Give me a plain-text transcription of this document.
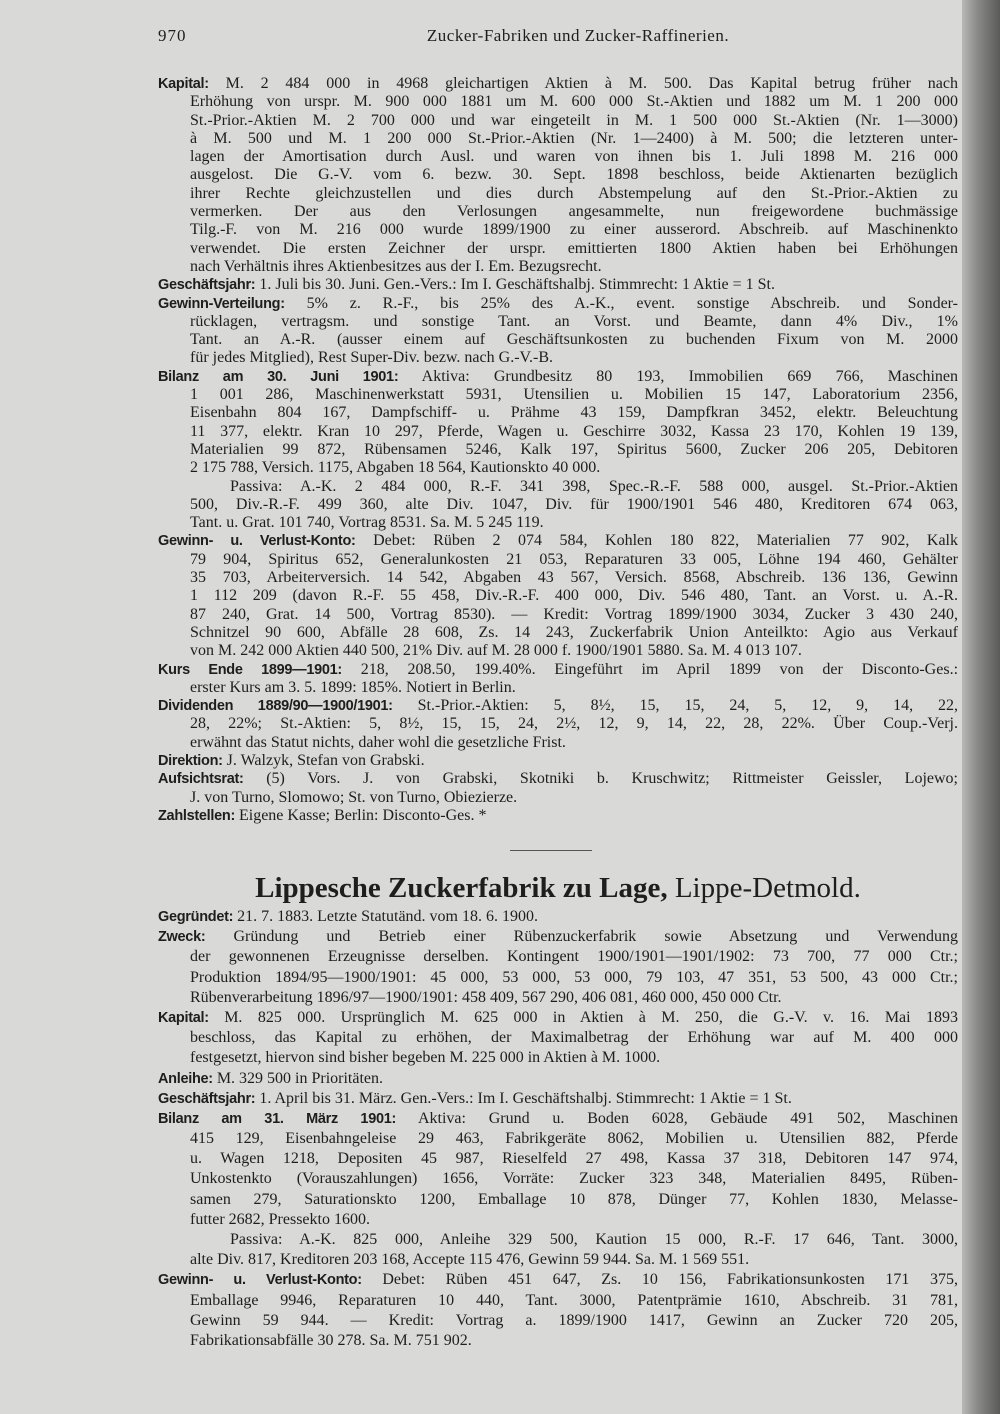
970	Zucker-Fabriken und Zucker-Raffinerien.
Kapital: M. 2 484 000 in 4968 gleichartigen Aktien à M. 500. Das Kapital betrug früher nach
Erhöhung von urspr. M. 900 000 1881 um M. 600 000 St.-Aktien und 1882 um M. 1 200 000
St.-Prior.-Aktien M. 2 700 000 und war eingeteilt in M. 1 500 000 St.-Aktien (Nr. 1—3000)
à M. 500 und M. 1 200 000 St.-Prior.-Aktien (Nr. 1—2400) à M. 500; die letzteren unter-
lagen der Amortisation durch Ausl. und waren von ihnen bis 1. Juli 1898 M. 216 000
ausgelost. Die G.-V. vom 6. bezw. 30. Sept. 1898 beschloss, beide Aktienarten bezüglich
ihrer Rechte gleichzustellen und dies durch Abstempelung auf den St.-Prior.-Aktien zu
vermerken. Der aus den Verlosungen angesammelte, nun freigewordene buchmässige
Tilg.-F. von M. 216 000 wurde 1899/1900 zu einer ausserord. Abschreib. auf Maschinenkto
verwendet. Die ersten Zeichner der urspr. emittierten 1800 Aktien haben bei Erhöhungen
nach Verhältnis ihres Aktienbesitzes aus der I. Em. Bezugsrecht.
Geschäftsjahr: 1. Juli bis 30. Juni. Gen.-Vers.: Im I. Geschäftshalbj. Stimmrecht: 1 Aktie = 1 St.
Gewinn-Verteilung: 5% z. R.-F., bis 25% des A.-K., event. sonstige Abschreib. und Sonder-
rücklagen, vertragsm. und sonstige Tant. an Vorst. und Beamte, dann 4% Div., 1%
Tant. an A.-R. (ausser einem auf Geschäftsunkosten zu buchenden Fixum von M. 2000
für jedes Mitglied), Rest Super-Div. bezw. nach G.-V.-B.
Bilanz am 30. Juni 1901: Aktiva: Grundbesitz 80 193, Immobilien 669 766, Maschinen
1 001 286, Maschinenwerkstatt 5931, Utensilien u. Mobilien 15 147, Laboratorium 2356,
Eisenbahn 804 167, Dampfschiff- u. Prähme 43 159, Dampfkran 3452, elektr. Beleuchtung
11 377, elektr. Kran 10 297, Pferde, Wagen u. Geschirre 3032, Kassa 23 170, Kohlen 19 139,
Materialien 99 872, Rübensamen 5246, Kalk 197, Spiritus 5600, Zucker 206 205, Debitoren
2 175 788, Versich. 1175, Abgaben 18 564, Kautionskto 40 000.
Passiva: A.-K. 2 484 000, R.-F. 341 398, Spec.-R.-F. 588 000, ausgel. St.-Prior.-Aktien
500, Div.-R.-F. 499 360, alte Div. 1047, Div. für 1900/1901 546 480, Kreditoren 674 063,
Tant. u. Grat. 101 740, Vortrag 8531. Sa. M. 5 245 119.
Gewinn- u. Verlust-Konto: Debet: Rüben 2 074 584, Kohlen 180 822, Materialien 77 902, Kalk
79 904, Spiritus 652, Generalunkosten 21 053, Reparaturen 33 005, Löhne 194 460, Gehälter
35 703, Arbeiterversich. 14 542, Abgaben 43 567, Versich. 8568, Abschreib. 136 136, Gewinn
1 112 209 (davon R.-F. 55 458, Div.-R.-F. 400 000, Div. 546 480, Tant. an Vorst. u. A.-R.
87 240, Grat. 14 500, Vortrag 8530). — Kredit: Vortrag 1899/1900 3034, Zucker 3 430 240,
Schnitzel 90 600, Abfälle 28 608, Zs. 14 243, Zuckerfabrik Union Anteilkto: Agio aus Verkauf
von M. 242 000 Aktien 440 500, 21% Div. auf M. 28 000 f. 1900/1901 5880. Sa. M. 4 013 107.
Kurs Ende 1899—1901: 218, 208.50, 199.40%. Eingeführt im April 1899 von der Disconto-Ges.:
erster Kurs am 3. 5. 1899: 185%. Notiert in Berlin.
Dividenden 1889/90—1900/1901: St.-Prior.-Aktien: 5, 8½, 15, 15, 24, 5, 12, 9, 14, 22,
28, 22%; St.-Aktien: 5, 8½, 15, 15, 24, 2½, 12, 9, 14, 22, 28, 22%. Über Coup.-Verj.
erwähnt das Statut nichts, daher wohl die gesetzliche Frist.
Direktion: J. Walzyk, Stefan von Grabski.
Aufsichtsrat: (5) Vors. J. von Grabski, Skotniki b. Kruschwitz; Rittmeister Geissler, Lojewo;
J. von Turno, Slomowo; St. von Turno, Obiezierze.
Zahlstellen: Eigene Kasse; Berlin: Disconto-Ges. *
Lippesche Zuckerfabrik zu Lage, Lippe-Detmold.
Gegründet: 21. 7. 1883. Letzte Statutänd. vom 18. 6. 1900.
Zweck: Gründung und Betrieb einer Rübenzuckerfabrik sowie Absetzung und Verwendung
der gewonnenen Erzeugnisse derselben. Kontingent 1900/1901—1901/1902: 73 700, 77 000 Ctr.;
Produktion 1894/95—1900/1901: 45 000, 53 000, 53 000, 79 103, 47 351, 53 500, 43 000 Ctr.;
Rübenverarbeitung 1896/97—1900/1901: 458 409, 567 290, 406 081, 460 000, 450 000 Ctr.
Kapital: M. 825 000. Ursprünglich M. 625 000 in Aktien à M. 250, die G.-V. v. 16. Mai 1893
beschloss, das Kapital zu erhöhen, der Maximalbetrag der Erhöhung war auf M. 400 000
festgesetzt, hiervon sind bisher begeben M. 225 000 in Aktien à M. 1000.
Anleihe: M. 329 500 in Prioritäten.
Geschäftsjahr: 1. April bis 31. März. Gen.-Vers.: Im I. Geschäftshalbj. Stimmrecht: 1 Aktie = 1 St.
Bilanz am 31. März 1901: Aktiva: Grund u. Boden 6028, Gebäude 491 502, Maschinen
415 129, Eisenbahngeleise 29 463, Fabrikgeräte 8062, Mobilien u. Utensilien 882, Pferde
u. Wagen 1218, Depositen 45 987, Rieselfeld 27 498, Kassa 37 318, Debitoren 147 974,
Unkostenkto (Vorauszahlungen) 1656, Vorräte: Zucker 323 348, Materialien 8495, Rüben-
samen 279, Saturationskto 1200, Emballage 10 878, Dünger 77, Kohlen 1830, Melasse-
futter 2682, Pressekto 1600.
Passiva: A.-K. 825 000, Anleihe 329 500, Kaution 15 000, R.-F. 17 646, Tant. 3000,
alte Div. 817, Kreditoren 203 168, Accepte 115 476, Gewinn 59 944. Sa. M. 1 569 551.
Gewinn- u. Verlust-Konto: Debet: Rüben 451 647, Zs. 10 156, Fabrikationsunkosten 171 375,
Emballage 9946, Reparaturen 10 440, Tant. 3000, Patentprämie 1610, Abschreib. 31 781,
Gewinn 59 944. — Kredit: Vortrag a. 1899/1900 1417, Gewinn an Zucker 720 205,
Fabrikationsabfälle 30 278. Sa. M. 751 902.
